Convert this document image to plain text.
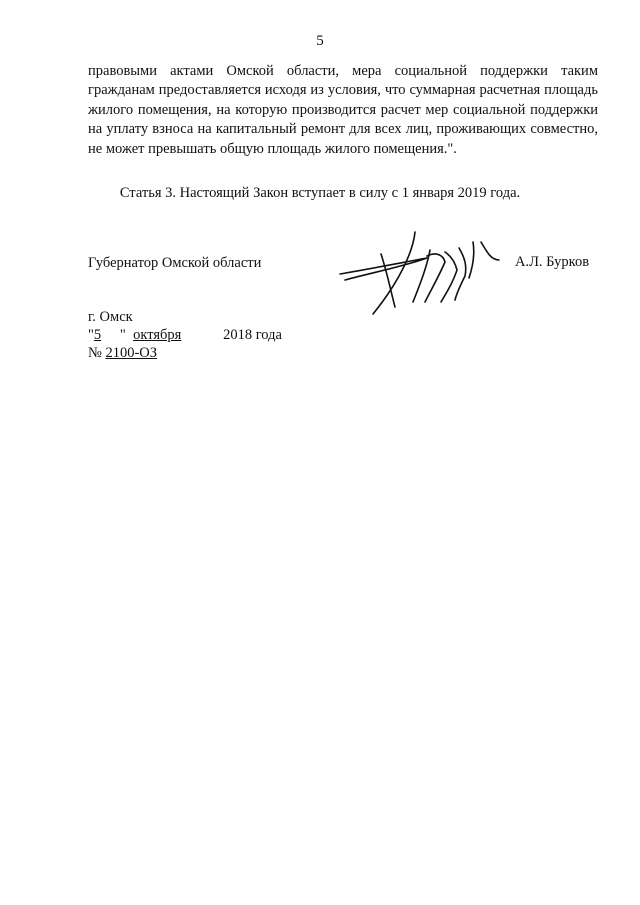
5

правовыми актами Омской области, мера социальной поддержки таким гражданам предоставляется исходя из условия, что суммарная расчетная площадь жилого помещения, на которую производится расчет мер социальной поддержки на уплату взноса на капитальный ремонт для всех лиц, проживающих совместно, не может превышать общую площадь жилого помещения.".

Статья 3. Настоящий Закон вступает в силу с 1 января 2019 года.
Губернатор Омской области	А.Л. Бурков
г. Омск
"5 " октября	2018 года
№ 2100-ОЗ
